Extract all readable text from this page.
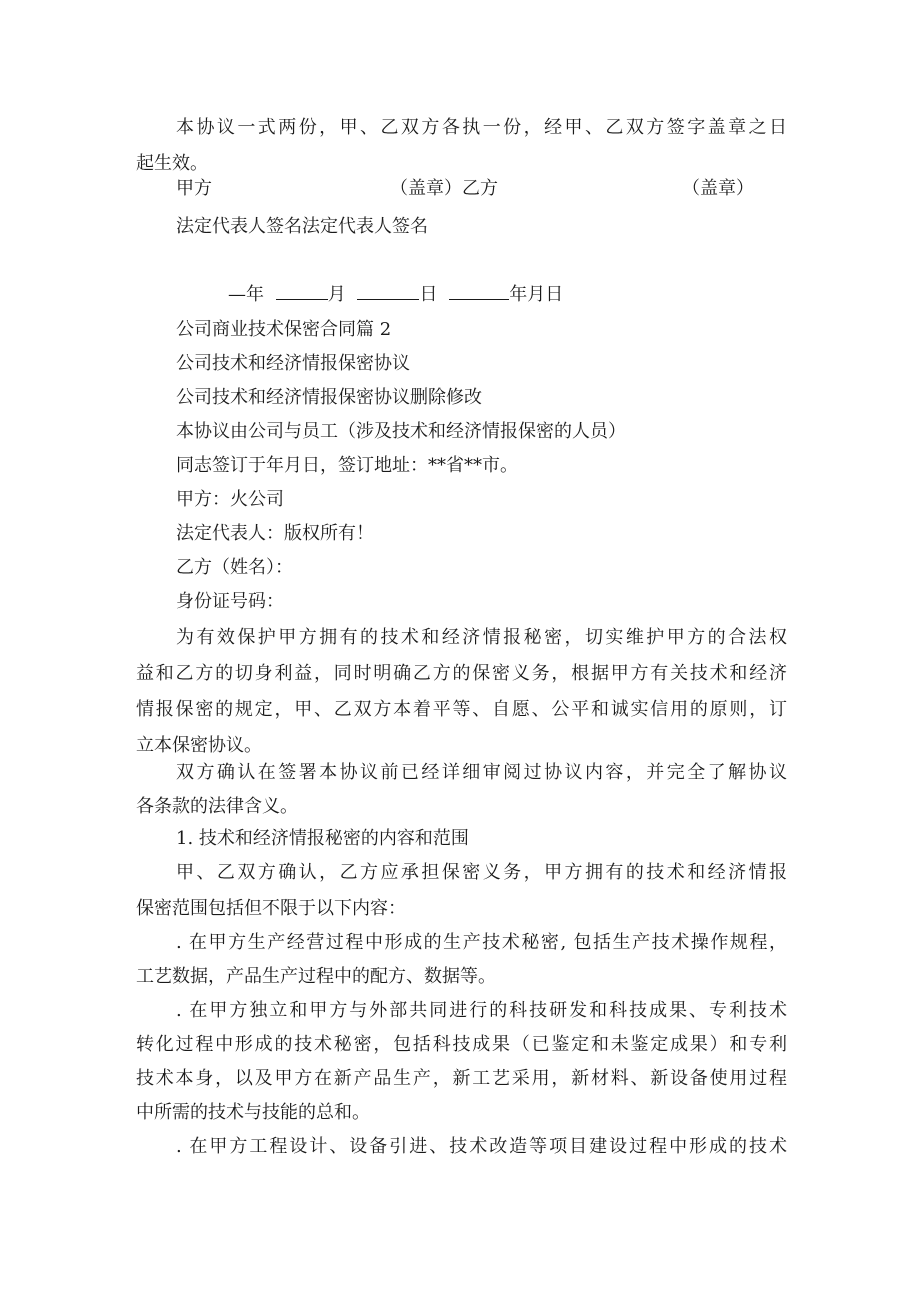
本协议一式两份，甲、乙双方各执一份，经甲、乙双方签字盖章之日
起生效。
甲方	（盖章）乙方	（盖章）
法定代表人签名法定代表人签名
—年	月	日	年月日
公司商业技术保密合同篇 2
公司技术和经济情报保密协议
公司技术和经济情报保密协议删除修改
本协议由公司与员工（涉及技术和经济情报保密的人员）
同志签订于年月日，签订地址：**省**市。
甲方：火公司
法定代表人：版权所有！
乙方（姓名）：
身份证号码：
为有效保护甲方拥有的技术和经济情报秘密，切实维护甲方的合法权
益和乙方的切身利益，同时明确乙方的保密义务，根据甲方有关技术和经济
情报保密的规定，甲、乙双方本着平等、自愿、公平和诚实信用的原则，订
立本保密协议。
双方确认在签署本协议前已经详细审阅过协议内容，并完全了解协议
各条款的法律含义。
1. 技术和经济情报秘密的内容和范围
甲、乙双方确认，乙方应承担保密义务，甲方拥有的技术和经济情报
保密范围包括但不限于以下内容：
. 在甲方生产经营过程中形成的生产技术秘密, 包括生产技术操作规程，
工艺数据，产品生产过程中的配方、数据等。
. 在甲方独立和甲方与外部共同进行的科技研发和科技成果、专利技术
转化过程中形成的技术秘密，包括科技成果（已鉴定和未鉴定成果）和专利
技术本身，以及甲方在新产品生产，新工艺采用，新材料、新设备使用过程
中所需的技术与技能的总和。
. 在甲方工程设计、设备引进、技术改造等项目建设过程中形成的技术
